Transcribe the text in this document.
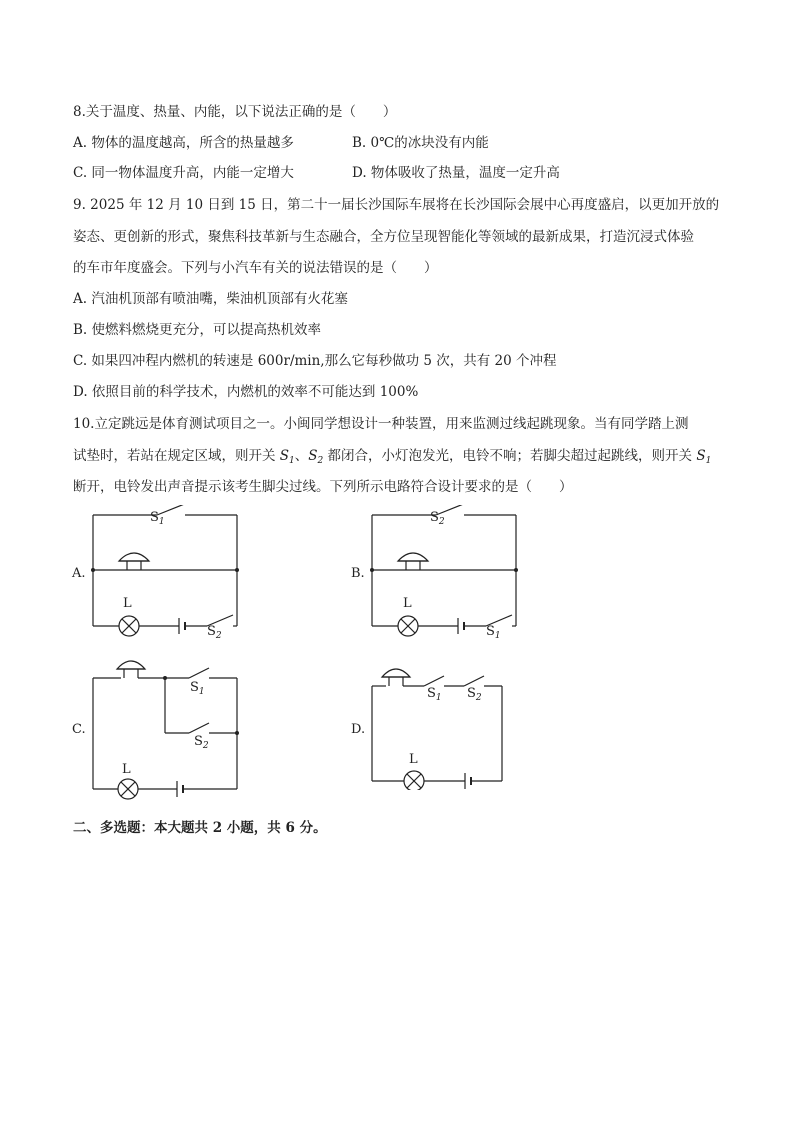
8.关于温度、热量、内能，以下说法正确的是（　　）
A. 物体的温度越高，所含的热量越多	B. 0℃的冰块没有内能
C. 同一物体温度升高，内能一定增大	D. 物体吸收了热量，温度一定升高
9. 2025 年 12 月 10 日到 15 日，第二十一届长沙国际车展将在长沙国际会展中心再度盛启，以更加开放的
姿态、更创新的形式，聚焦科技革新与生态融合，全方位呈现智能化等领域的最新成果，打造沉浸式体验
的车市年度盛会。下列与小汽车有关的说法错误的是（　　）
A. 汽油机顶部有喷油嘴，柴油机顶部有火花塞
B. 使燃料燃烧更充分，可以提高热机效率
C. 如果四冲程内燃机的转速是 600r/min,那么它每秒做功 5 次，共有 20 个冲程
D. 依照目前的科学技术，内燃机的效率不可能达到 100%
10.立定跳远是体育测试项目之一。小闽同学想设计一种装置，用来监测过线起跳现象。当有同学踏上测
试垫时，若站在规定区域，则开关 $S_1$、$S_2$ 都闭合，小灯泡发光，电铃不响；若脚尖超过起跳线，则开关 $S_1$
断开，电铃发出声音提示该考生脚尖过线。下列所示电路符合设计要求的是（　　）
A.	B.
C.	D.
$S_1$
L
$S_2$
$S_2$
L
$S_1$
$S_1$
$S_2$
L
$S_1$ $S_2$
L
二、多选题：本大题共 2 小题，共 6 分。
